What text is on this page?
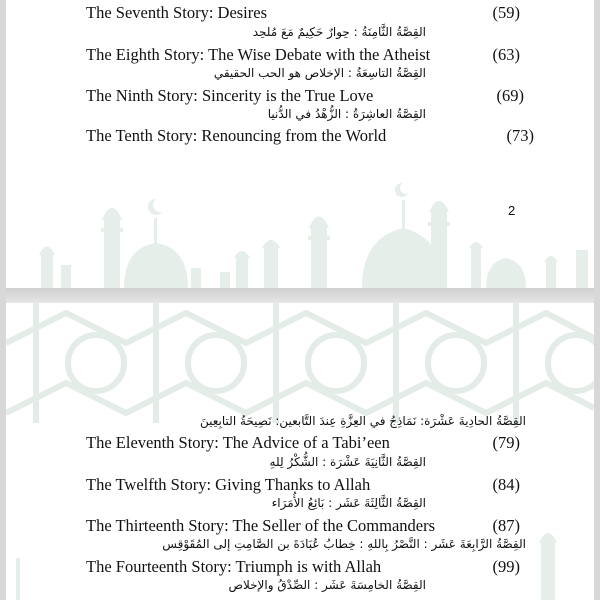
The Seventh Story: Desires	(59)
القِصَّةُ الثَّامِنَةُ : حِوارٌ حَكِيمٌ مَعَ مُلحِد
The Eighth Story: The Wise Debate with the Atheist	(63)
القِصَّةُ التاسِعَةُ : الإخلاص هو الحب الحقيقي
The Ninth Story: Sincerity is the True Love	(69)
القِصَّةُ العاشِرَةُ : الزُّهْدُ في الدُّنيا
The Tenth Story: Renouncing from the World	(73)
2
القِصَّةُ الحادِيةَ عَشْرَة: نَمَاذِجُ في العِزَّةِ عِندَ التَّابعين: نَصِيحَةُ التابِعِينَ
The Eleventh Story: The Advice of a Tabi’een	(79)
القِصَّةُ الثَّانِيَةَ عَشْرَة : الشُّكْرُ لِلهِ
The Twelfth Story: Giving Thanks to Allah	(84)
القِصَّةُ الثَّالِثَةَ عَشَر : بَائِعُ الأُمَرَاء
The Thirteenth Story: The Seller of the Commanders	(87)
القِصَّةُ الرَّابِعَةَ عَشَر : النَّصْرُ بِاللهِ : خِطابُ عُبَادَةَ بن الصَّامِتِ إلى المُقَوْقِس
The Fourteenth Story: Triumph is with Allah	(99)
القِصَّةُ الخامِسَةَ عَشَر : الصِّدْقُ والإخلاص
